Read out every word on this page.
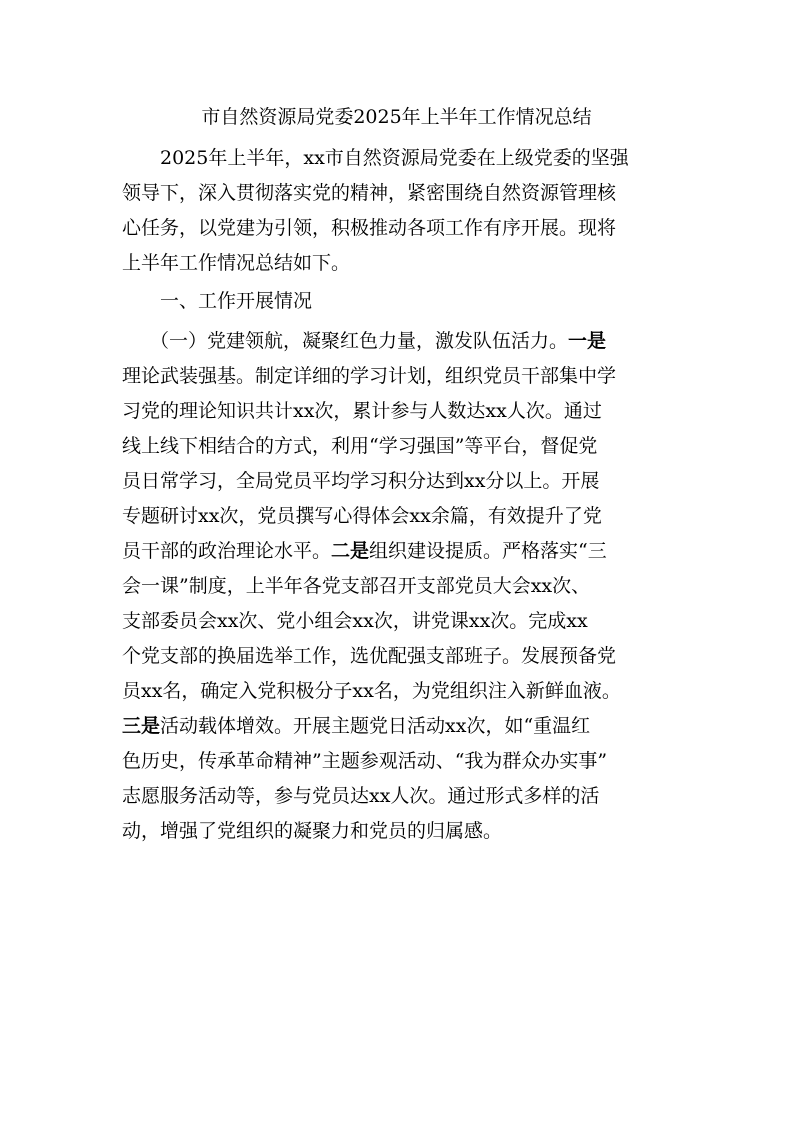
市自然资源局党委2025年上半年工作情况总结
2025年上半年，xx市自然资源局党委在上级党委的坚强
领导下，深入贯彻落实党的精神，紧密围绕自然资源管理核
心任务，以党建为引领，积极推动各项工作有序开展。现将
上半年工作情况总结如下。
一、工作开展情况
（一）党建领航，凝聚红色力量，激发队伍活力。一是
理论武装强基。制定详细的学习计划，组织党员干部集中学
习党的理论知识共计xx次，累计参与人数达xx人次。通过
线上线下相结合的方式，利用“学习强国”等平台，督促党
员日常学习，全局党员平均学习积分达到xx分以上。开展
专题研讨xx次，党员撰写心得体会xx余篇，有效提升了党
员干部的政治理论水平。二是组织建设提质。严格落实“三
会一课”制度，上半年各党支部召开支部党员大会xx次、
支部委员会xx次、党小组会xx次，讲党课xx次。完成xx
个党支部的换届选举工作，选优配强支部班子。发展预备党
员xx名，确定入党积极分子xx名，为党组织注入新鲜血液。
三是活动载体增效。开展主题党日活动xx次，如“重温红
色历史，传承革命精神”主题参观活动、“我为群众办实事”
志愿服务活动等，参与党员达xx人次。通过形式多样的活
动，增强了党组织的凝聚力和党员的归属感。
